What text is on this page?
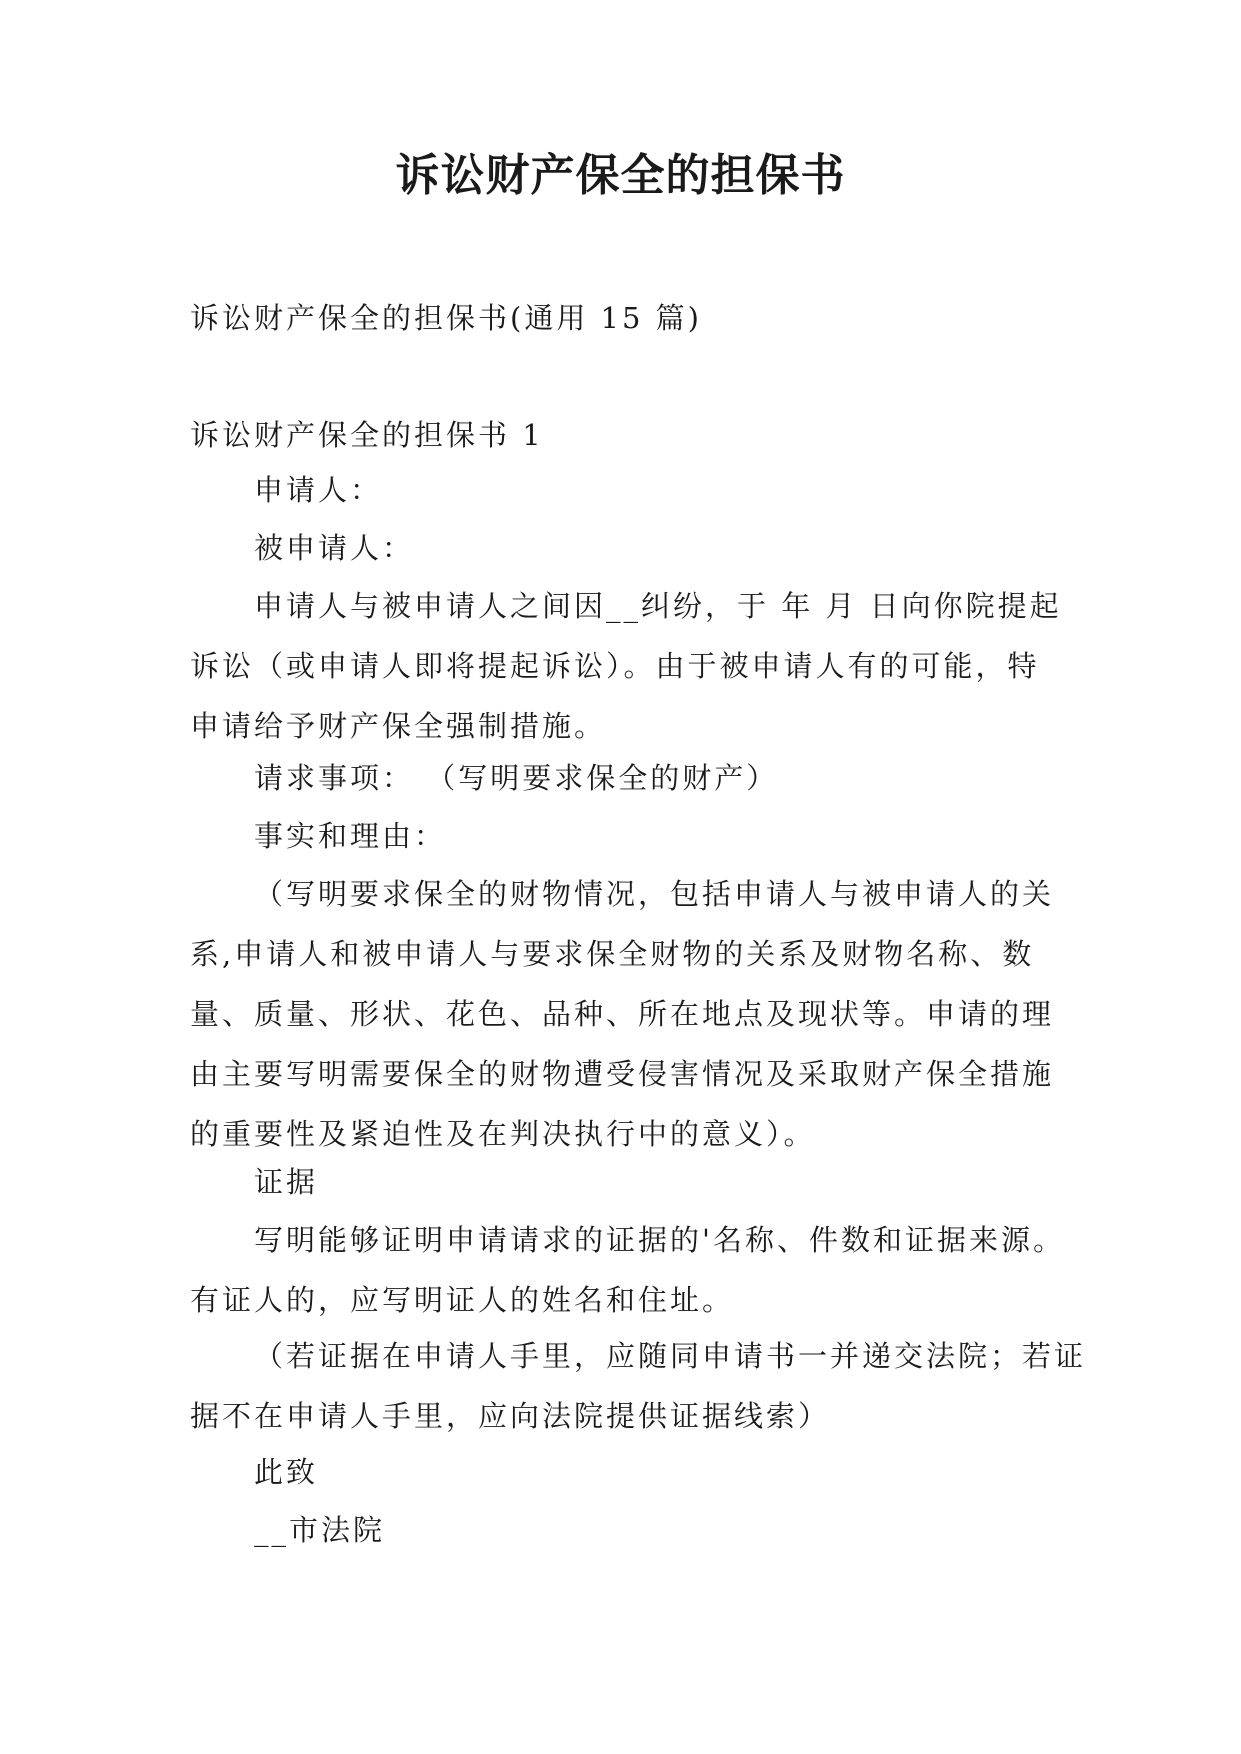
诉讼财产保全的担保书

诉讼财产保全的担保书(通用 15 篇)

诉讼财产保全的担保书 1

申请人：

被申请人：

申请人与被申请人之间因__纠纷，于 年 月 日向你院提起诉讼（或申请人即将提起诉讼）。由于被申请人有的可能，特申请给予财产保全强制措施。

请求事项： （写明要求保全的财产）

事实和理由：

（写明要求保全的财物情况，包括申请人与被申请人的关系,申请人和被申请人与要求保全财物的关系及财物名称、数量、质量、形状、花色、品种、所在地点及现状等。申请的理由主要写明需要保全的财物遭受侵害情况及采取财产保全措施的重要性及紧迫性及在判决执行中的意义）。

证据

写明能够证明申请请求的证据的'名称、件数和证据来源。有证人的，应写明证人的姓名和住址。

（若证据在申请人手里，应随同申请书一并递交法院；若证据不在申请人手里，应向法院提供证据线索）

此致

__市法院
